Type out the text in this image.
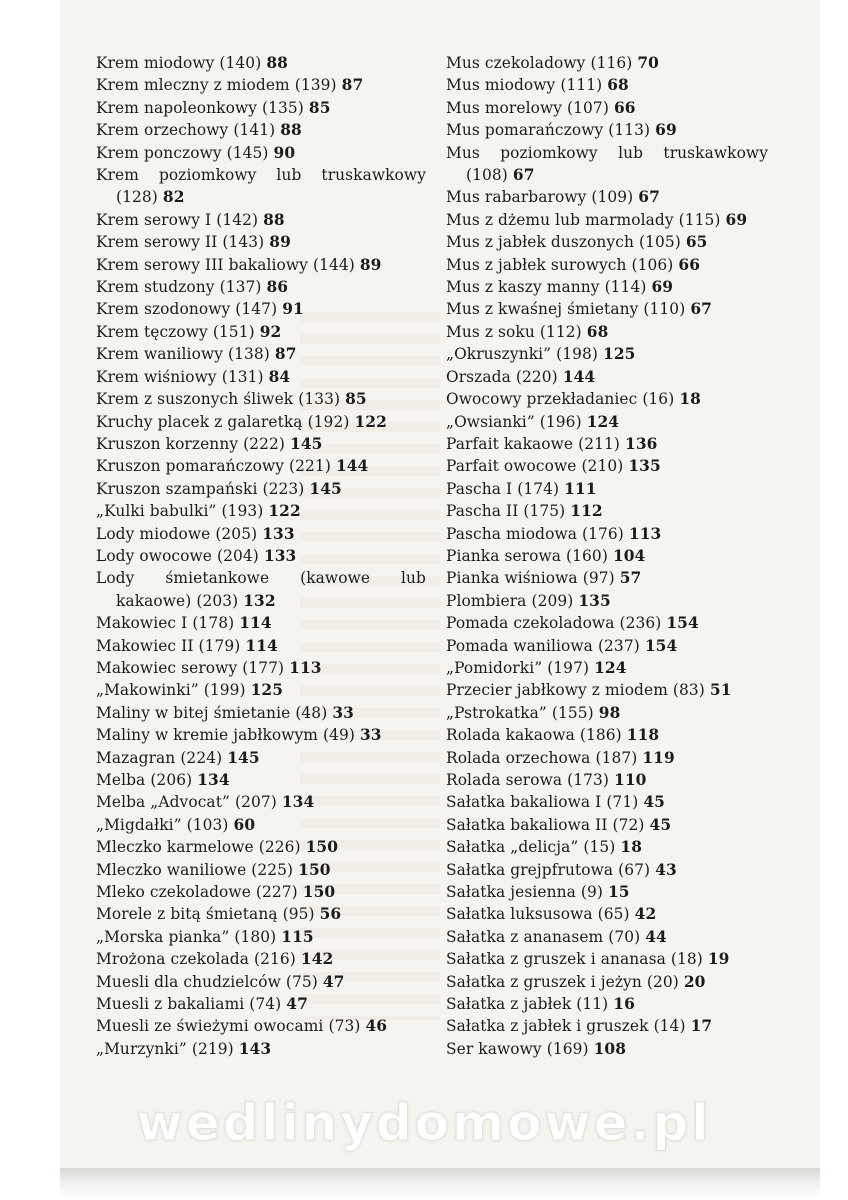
Krem miodowy (140) 88
Krem mleczny z miodem (139) 87
Krem napoleonkowy (135) 85
Krem orzechowy (141) 88
Krem ponczowy (145) 90
Krem poziomkowy lub truskawkowy (128) 82
Krem serowy I (142) 88
Krem serowy II (143) 89
Krem serowy III bakaliowy (144) 89
Krem studzony (137) 86
Krem szodonowy (147) 91
Krem tęczowy (151) 92
Krem waniliowy (138) 87
Krem wiśniowy (131) 84
Krem z suszonych śliwek (133) 85
Kruchy placek z galaretką (192) 122
Kruszon korzenny (222) 145
Kruszon pomarańczowy (221) 144
Kruszon szampański (223) 145
„Kulki babulki” (193) 122
Lody miodowe (205) 133
Lody owocowe (204) 133
Lody śmietankowe (kawowe lub kakaowe) (203) 132
Makowiec I (178) 114
Makowiec II (179) 114
Makowiec serowy (177) 113
„Makowinki” (199) 125
Maliny w bitej śmietanie (48) 33
Maliny w kremie jabłkowym (49) 33
Mazagran (224) 145
Melba (206) 134
Melba „Advocat” (207) 134
„Migdałki” (103) 60
Mleczko karmelowe (226) 150
Mleczko waniliowe (225) 150
Mleko czekoladowe (227) 150
Morele z bitą śmietaną (95) 56
„Morska pianka” (180) 115
Mrożona czekolada (216) 142
Muesli dla chudzielców (75) 47
Muesli z bakaliami (74) 47
Muesli ze świeżymi owocami (73) 46
„Murzynki” (219) 143
Mus czekoladowy (116) 70
Mus miodowy (111) 68
Mus morelowy (107) 66
Mus pomarańczowy (113) 69
Mus poziomkowy lub truskawkowy (108) 67
Mus rabarbarowy (109) 67
Mus z dżemu lub marmolady (115) 69
Mus z jabłek duszonych (105) 65
Mus z jabłek surowych (106) 66
Mus z kaszy manny (114) 69
Mus z kwaśnej śmietany (110) 67
Mus z soku (112) 68
„Okruszynki” (198) 125
Orszada (220) 144
Owocowy przekładaniec (16) 18
„Owsianki” (196) 124
Parfait kakaowe (211) 136
Parfait owocowe (210) 135
Pascha I (174) 111
Pascha II (175) 112
Pascha miodowa (176) 113
Pianka serowa (160) 104
Pianka wiśniowa (97) 57
Plombiera (209) 135
Pomada czekoladowa (236) 154
Pomada waniliowa (237) 154
„Pomidorki” (197) 124
Przecier jabłkowy z miodem (83) 51
„Pstrokatka” (155) 98
Rolada kakaowa (186) 118
Rolada orzechowa (187) 119
Rolada serowa (173) 110
Sałatka bakaliowa I (71) 45
Sałatka bakaliowa II (72) 45
Sałatka „delicja” (15) 18
Sałatka grejpfrutowa (67) 43
Sałatka jesienna (9) 15
Sałatka luksusowa (65) 42
Sałatka z ananasem (70) 44
Sałatka z gruszek i ananasa (18) 19
Sałatka z gruszek i jeżyn (20) 20
Sałatka z jabłek (11) 16
Sałatka z jabłek i gruszek (14) 17
Ser kawowy (169) 108
wedlinydomowe.pl
